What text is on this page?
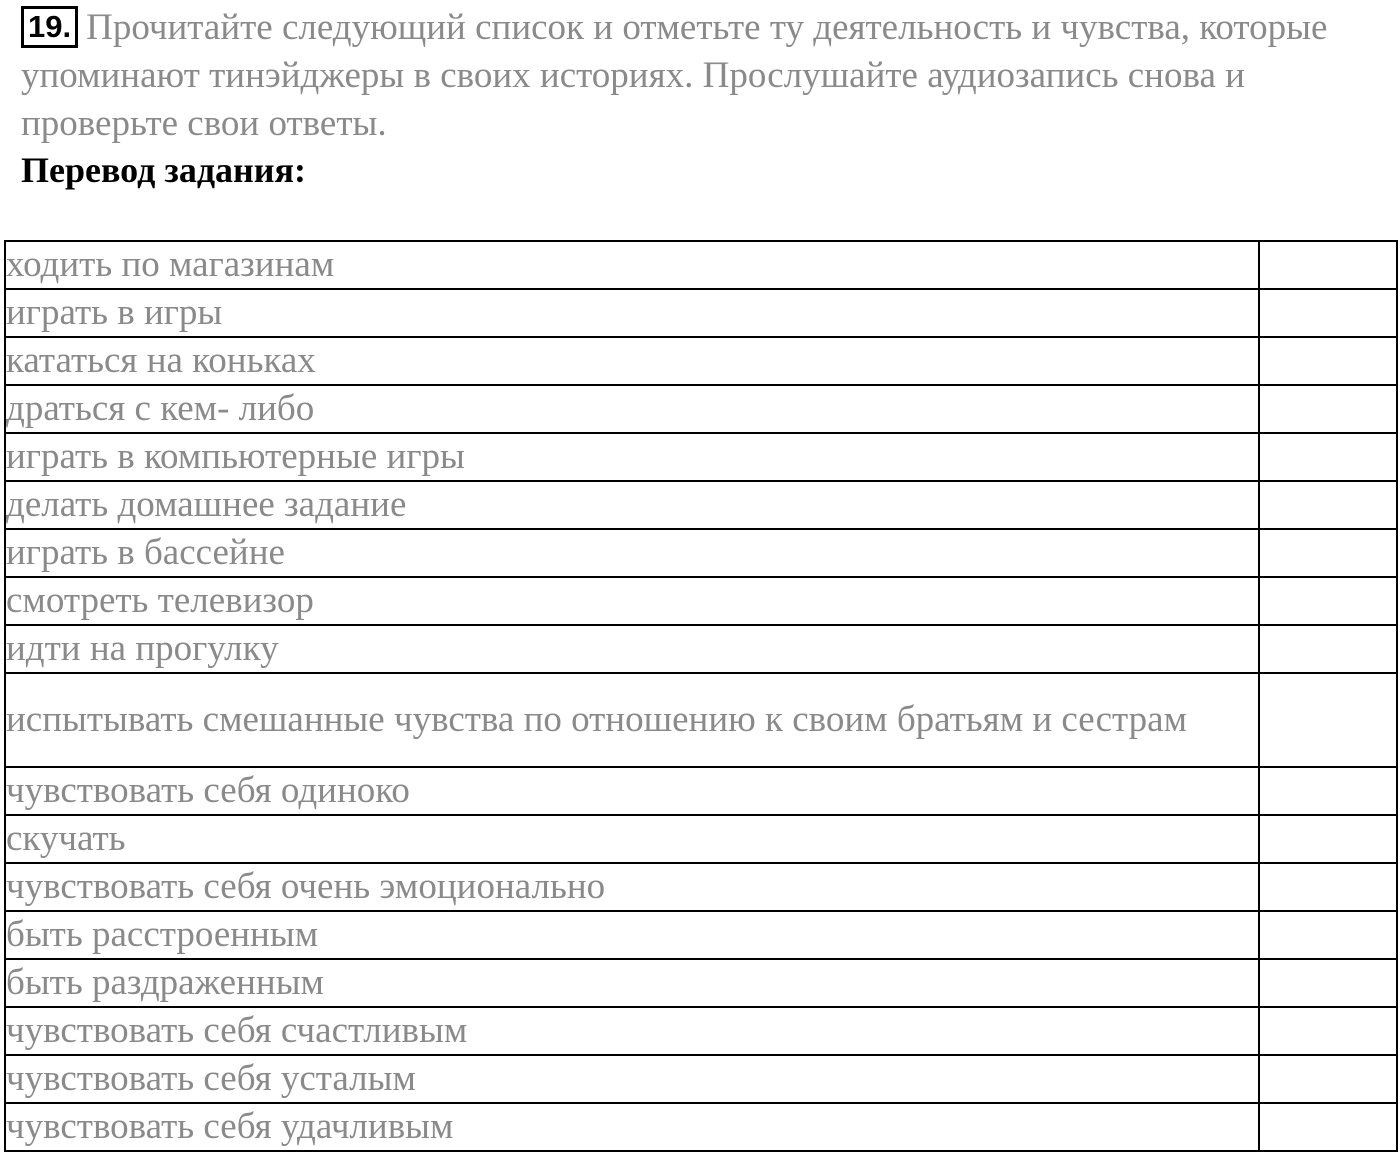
19. Прочитайте следующий список и отметьте ту деятельность и чувства, которые упоминают тинэйджеры в своих историях. Прослушайте аудиозапись снова и проверьте свои ответы.
Перевод задания:
ходить по магазинам	
играть в игры	
кататься на коньках	
драться с кем- либо	
играть в компьютерные игры	
делать домашнее задание	
играть в бассейне	
смотреть телевизор	
идти на прогулку	
испытывать смешанные чувства по отношению к своим братьям и сестрам	
чувствовать себя одиноко	
скучать	
чувствовать себя очень эмоционально	
быть расстроенным	
быть раздраженным	
чувствовать себя счастливым	
чувствовать себя усталым	
чувствовать себя удачливым	
